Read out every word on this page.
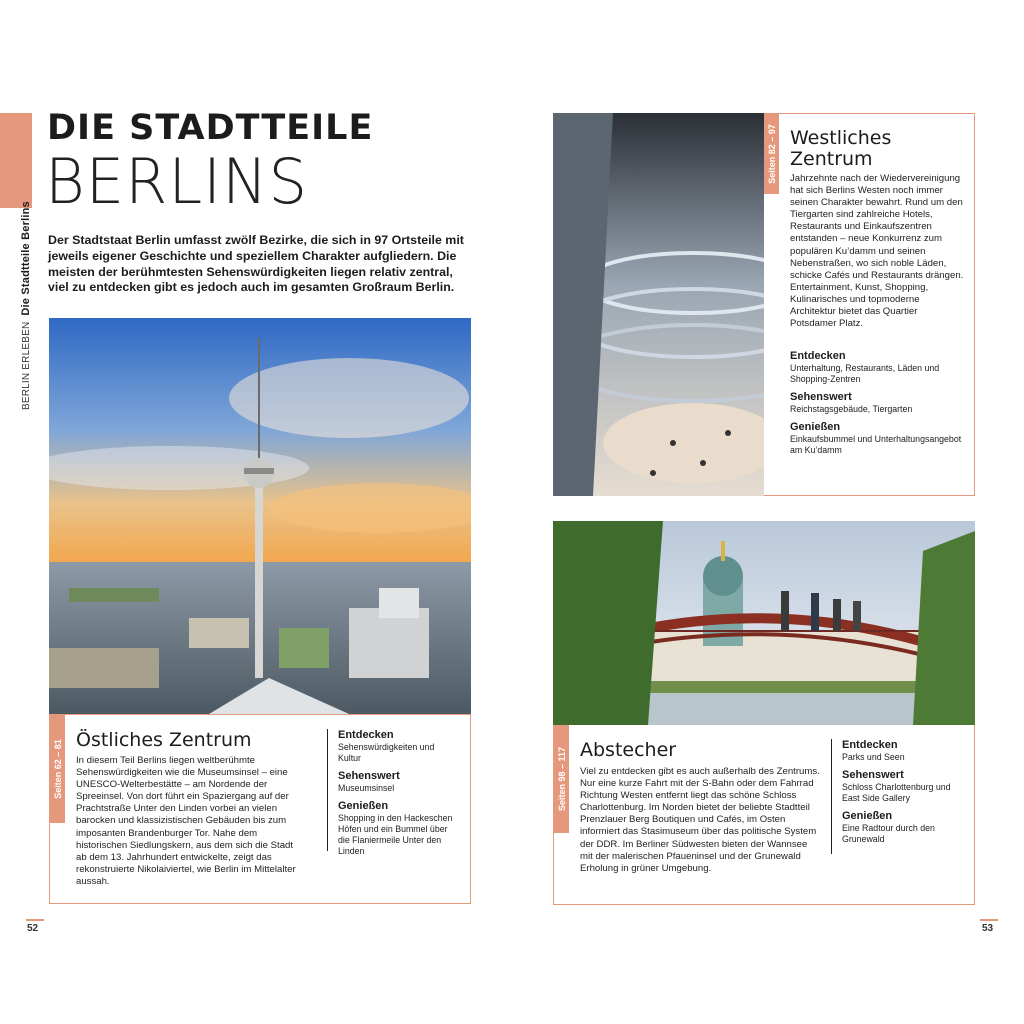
BERLIN ERLEBENDie Stadtteile Berlins
DIE STADTTEILE
BERLINS
Der Stadtstaat Berlin umfasst zwölf Bezirke, die sich in 97 Ortsteile mit jeweils eigener Geschichte und speziellem Charakter aufgliedern. Die meisten der berühmtesten Sehenswürdigkeiten liegen relativ zentral, viel zu entdecken gibt es jedoch auch im gesamten Großraum Berlin.
Seiten 62 – 81 Östliches Zentrum
In diesem Teil Berlins liegen weltberühmte Sehenswürdigkeiten wie die Museumsinsel – eine UNESCO-Welterbestätte – am Nordende der Spreeinsel. Von dort führt ein Spaziergang auf der Prachtstraße Unter den Linden vorbei an vielen barocken und klassizistischen Gebäuden bis zum imposanten Brandenburger Tor. Nahe dem historischen Siedlungskern, aus dem sich die Stadt ab dem 13. Jahrhundert entwickelte, zeigt das rekonstruierte Nikolaiviertel, wie Berlin im Mittelalter aussah.
Entdecken

Sehenswürdigkeiten und Kultur

Sehenswert

Museumsinsel

Genießen

Shopping in den Hackeschen Höfen und ein Bummel über die Flaniermeile Unter den Linden

52
Seiten 82 – 97 Westliches
Zentrum
Jahrzehnte nach der Wiedervereinigung hat sich Berlins Westen noch immer seinen Charakter bewahrt. Rund um den Tiergarten sind zahlreiche Hotels, Restaurants und Einkaufszentren entstanden – neue Konkurrenz zum populären Ku’damm und seinen Nebenstraßen, wo sich noble Läden, schicke Cafés und Restaurants drängen. Entertainment, Kunst, Shopping, Kulinarisches und topmoderne Architektur bietet das Quartier Potsdamer Platz.
Entdecken

Unterhaltung, Restaurants, Läden und Shopping-Zentren

Sehenswert

Reichstagsgebäude, Tiergarten

Genießen

Einkaufsbummel und Unterhaltungsangebot am Ku’damm

Seiten 98 – 117 Abstecher
Viel zu entdecken gibt es auch außerhalb des Zentrums. Nur eine kurze Fahrt mit der S-Bahn oder dem Fahrrad Richtung Westen entfernt liegt das schöne Schloss Charlottenburg. Im Norden bietet der beliebte Stadtteil Prenzlauer Berg Boutiquen und Cafés, im Osten informiert das Stasimuseum über das politische System der DDR. Im Berliner Südwesten bieten der Wannsee mit der malerischen Pfaueninsel und der Grunewald Erholung in grüner Umgebung.
Entdecken

Parks und Seen

Sehenswert

Schloss Charlottenburg und East Side Gallery

Genießen

Eine Radtour durch den Grunewald

53
